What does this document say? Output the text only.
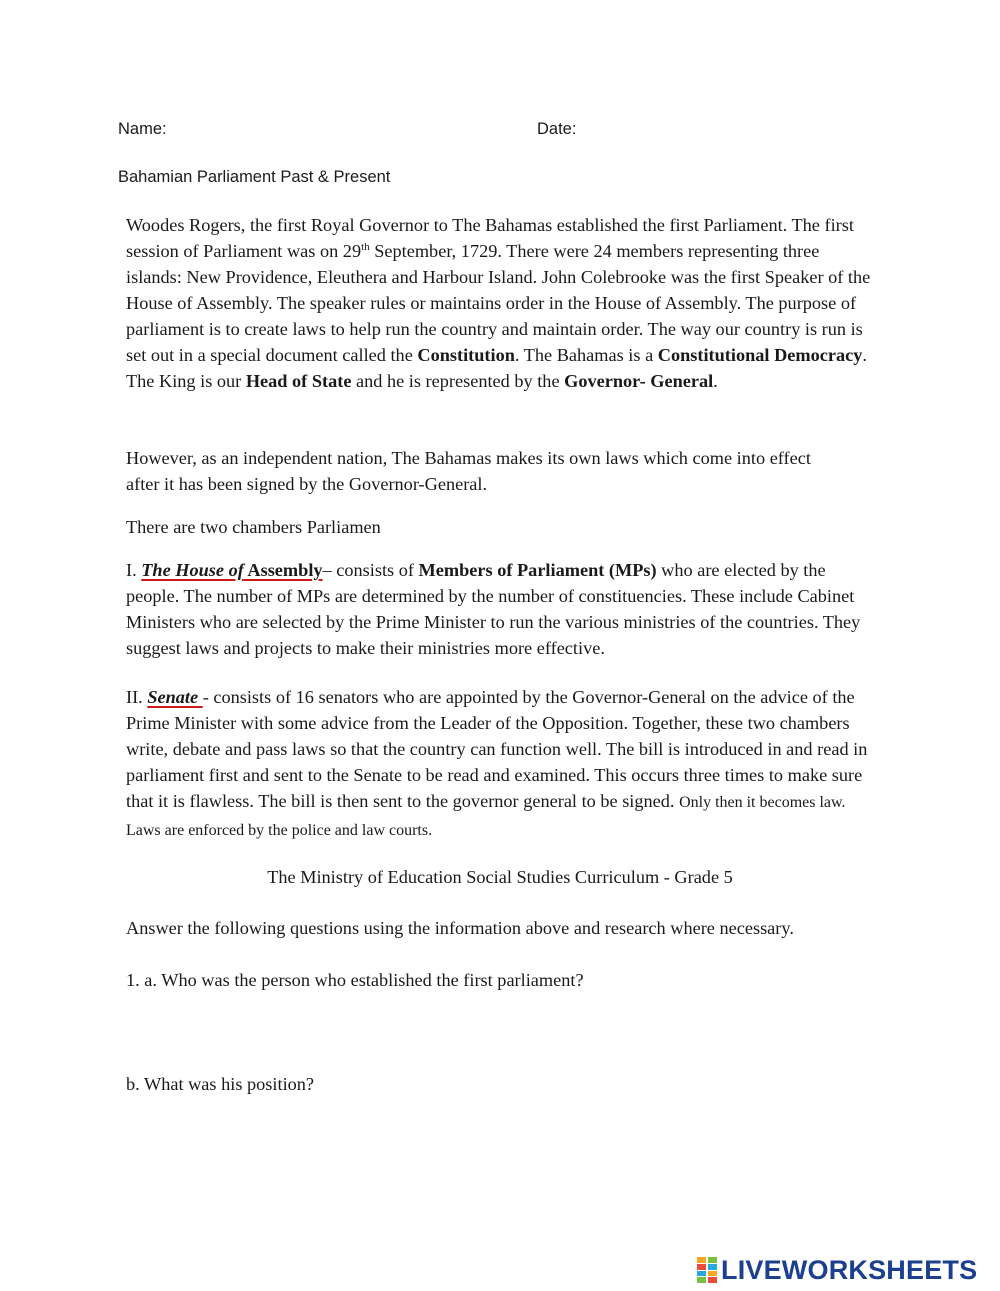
Name:	Date:
Bahamian Parliament Past & Present

Woodes Rogers, the first Royal Governor to The Bahamas established the first Parliament. The first session of Parliament was on 29th September, 1729. There were 24 members representing three islands: New Providence, Eleuthera and Harbour Island. John Colebrooke was the first Speaker of the House of Assembly. The speaker rules or maintains order in the House of Assembly. The purpose of parliament is to create laws to help run the country and maintain order. The way our country is run is set out in a special document called the Constitution. The Bahamas is a Constitutional Democracy. The King is our Head of State and he is represented by the Governor- General.

However, as an independent nation, The Bahamas makes its own laws which come into effect after it has been signed by the Governor-General.

There are two chambers Parliamen

I. The House of Assembly– consists of Members of Parliament (MPs) who are elected by the people. The number of MPs are determined by the number of constituencies. These include Cabinet Ministers who are selected by the Prime Minister to run the various ministries of the countries. They suggest laws and projects to make their ministries more effective.

II. Senate - consists of 16 senators who are appointed by the Governor-General on the advice of the Prime Minister with some advice from the Leader of the Opposition. Together, these two chambers write, debate and pass laws so that the country can function well. The bill is introduced in and read in parliament first and sent to the Senate to be read and examined. This occurs three times to make sure that it is flawless. The bill is then sent to the governor general to be signed. Only then it becomes law. Laws are enforced by the police and law courts.

The Ministry of Education Social Studies Curriculum - Grade 5
Answer the following questions using the information above and research where necessary.
1. a. Who was the person who established the first parliament?
b. What was his position?
LIVEWORKSHEETS
